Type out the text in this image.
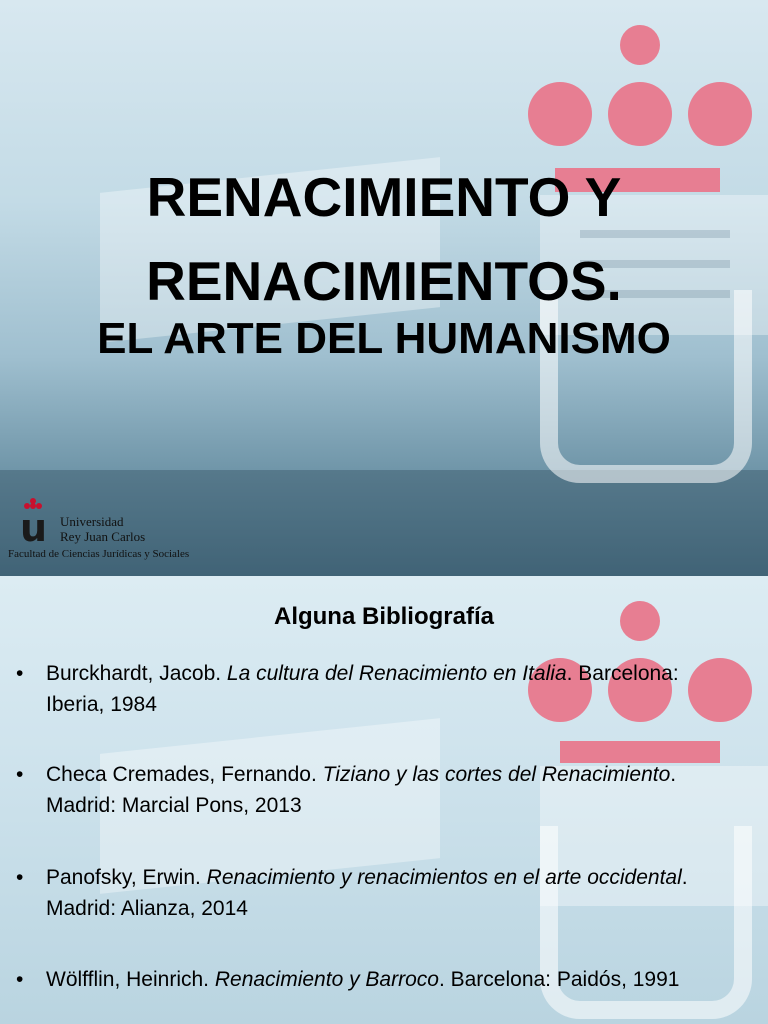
RENACIMIENTO Y
RENACIMIENTOS.
EL ARTE DEL HUMANISMO
u Universidad
Rey Juan Carlos
Facultad de Ciencias Jurídicas y Sociales
Alguna Bibliografía
• Burckhardt, Jacob. La cultura del Renacimiento en Italia. Barcelona: Iberia, 1984
• Checa Cremades, Fernando. Tiziano y las cortes del Renacimiento. Madrid: Marcial Pons, 2013
• Panofsky, Erwin. Renacimiento y renacimientos en el arte occidental. Madrid: Alianza, 2014
• Wölfflin, Heinrich. Renacimiento y Barroco. Barcelona: Paidós, 1991
